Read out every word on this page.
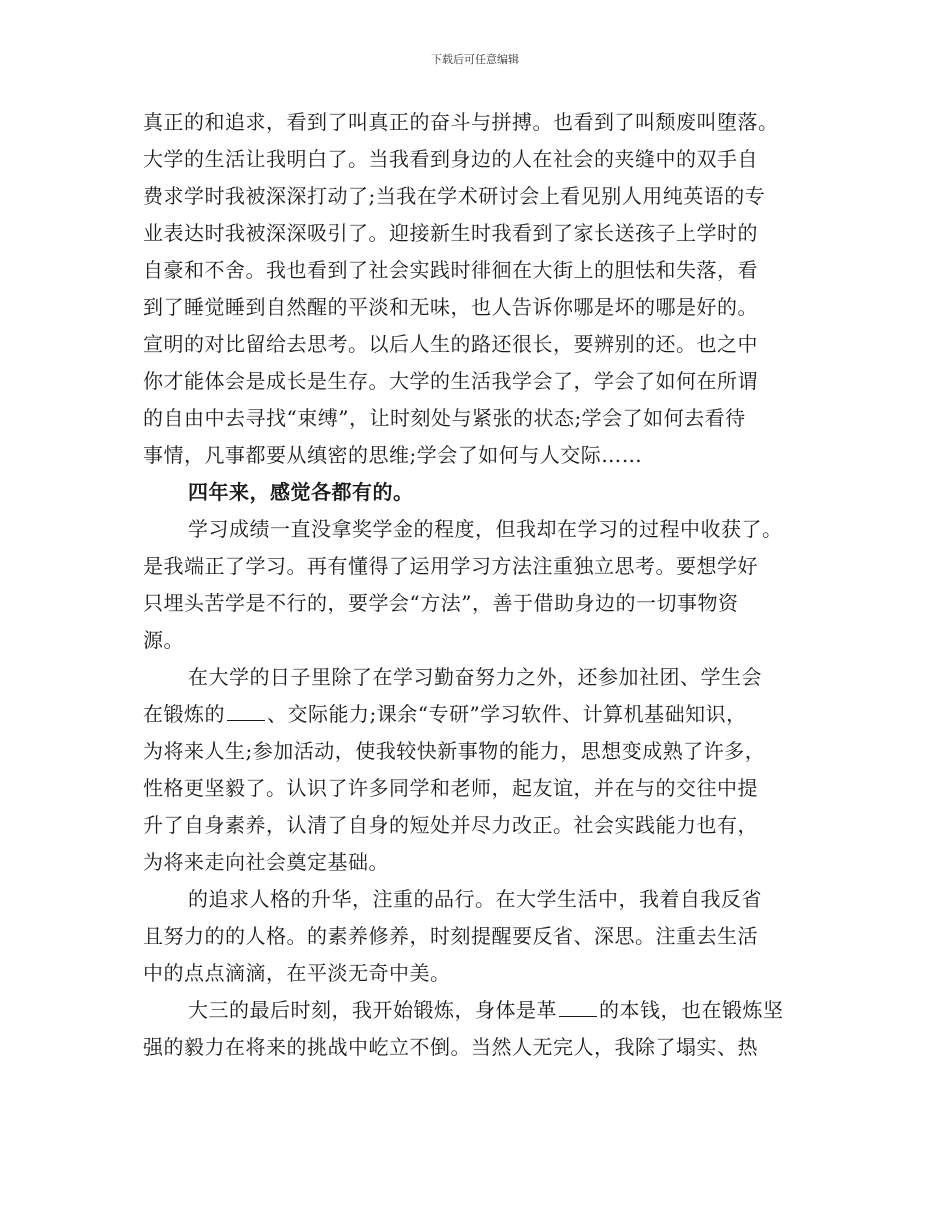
下载后可任意编辑
真正的和追求，看到了叫真正的奋斗与拼搏。也看到了叫颓废叫堕落。
大学的生活让我明白了。当我看到身边的人在社会的夹缝中的双手自
费求学时我被深深打动了;当我在学术研讨会上看见别人用纯英语的专
业表达时我被深深吸引了。迎接新生时我看到了家长送孩子上学时的
自豪和不舍。我也看到了社会实践时徘徊在大街上的胆怯和失落，看
到了睡觉睡到自然醒的平淡和无味，也人告诉你哪是坏的哪是好的。
宣明的对比留给去思考。以后人生的路还很长，要辨别的还。也之中
你才能体会是成长是生存。大学的生活我学会了，学会了如何在所谓
的自由中去寻找“束缚”，让时刻处与紧张的状态;学会了如何去看待
事情，凡事都要从缜密的思维;学会了如何与人交际……
四年来，感觉各都有的。
学习成绩一直没拿奖学金的程度，但我却在学习的过程中收获了。
是我端正了学习。再有懂得了运用学习方法注重独立思考。要想学好
只埋头苦学是不行的，要学会“方法”，善于借助身边的一切事物资
源。
在大学的日子里除了在学习勤奋努力之外，还参加社团、学生会
在锻炼的 、交际能力;课余“专研”学习软件、计算机基础知识，
为将来人生;参加活动，使我较快新事物的能力，思想变成熟了许多，
性格更坚毅了。认识了许多同学和老师，起友谊，并在与的交往中提
升了自身素养，认清了自身的短处并尽力改正。社会实践能力也有，
为将来走向社会奠定基础。
的追求人格的升华，注重的品行。在大学生活中，我着自我反省
且努力的的人格。的素养修养，时刻提醒要反省、深思。注重去生活
中的点点滴滴，在平淡无奇中美。
大三的最后时刻，我开始锻炼，身体是革 的本钱，也在锻炼坚
强的毅力在将来的挑战中屹立不倒。当然人无完人，我除了塌实、热
